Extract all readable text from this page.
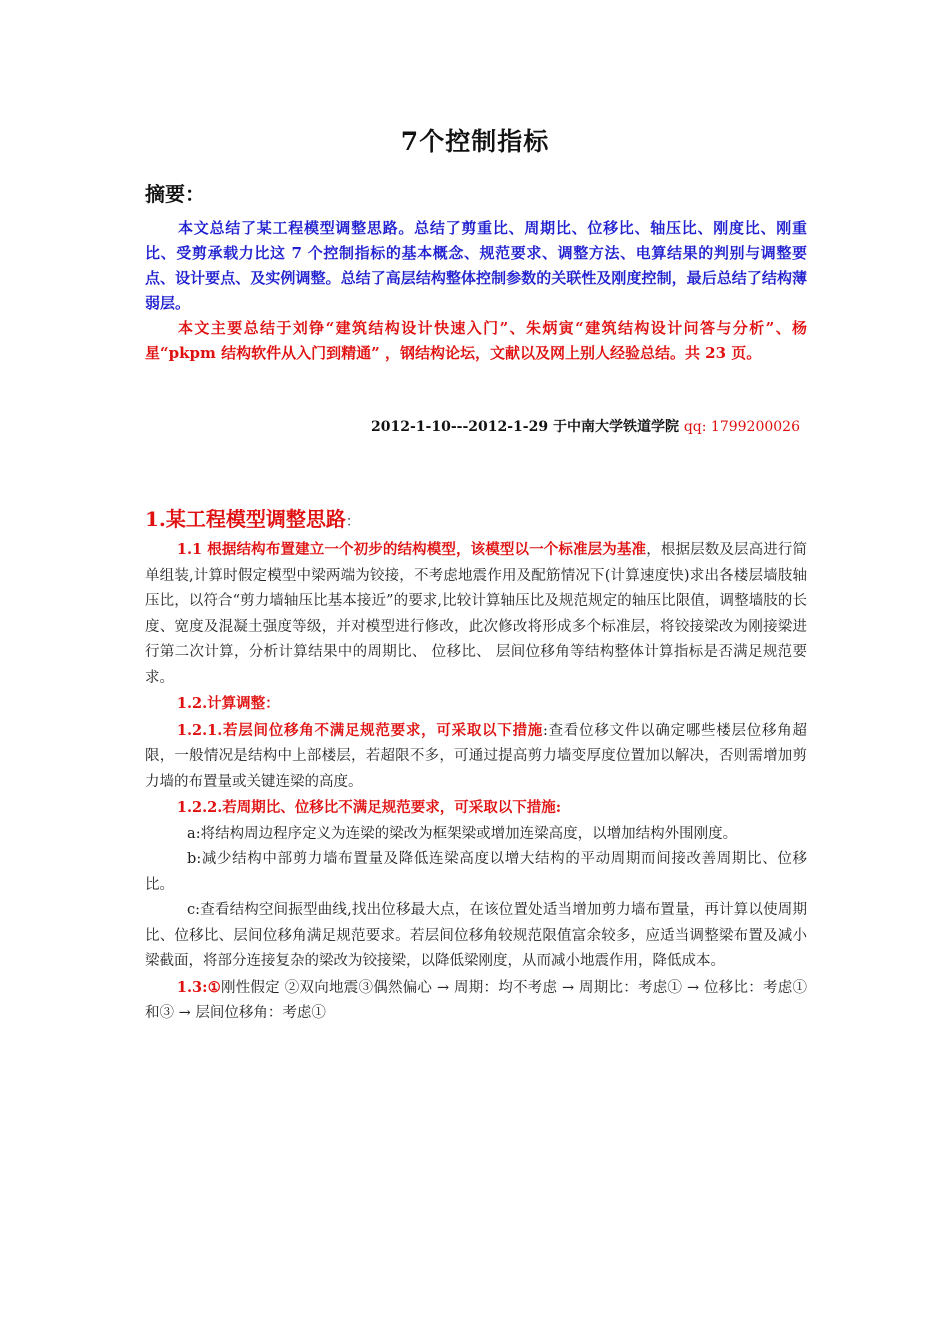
7个控制指标
摘要：

本文总结了某工程模型调整思路。总结了剪重比、周期比、位移比、轴压比、刚度比、刚重比、受剪承载力比这 7 个控制指标的基本概念、规范要求、调整方法、电算结果的判别与调整要点、设计要点、及实例调整。总结了高层结构整体控制参数的关联性及刚度控制，最后总结了结构薄弱层。

本文主要总结于刘铮“建筑结构设计快速入门”、朱炳寅“建筑结构设计问答与分析”、杨星“pkpm 结构软件从入门到精通” ，钢结构论坛，文献以及网上别人经验总结。共 23 页。

2012-1-10---2012-1-29 于中南大学铁道学院 qq: 1799200026
1.某工程模型调整思路：

1.1 根据结构布置建立一个初步的结构模型，该模型以一个标准层为基准，根据层数及层高进行简单组装,计算时假定模型中梁两端为铰接，不考虑地震作用及配筋情况下(计算速度快)求出各楼层墙肢轴压比，以符合“剪力墙轴压比基本接近”的要求,比较计算轴压比及规范规定的轴压比限值，调整墙肢的长度、宽度及混凝土强度等级，并对模型进行修改，此次修改将形成多个标准层，将铰接梁改为刚接梁进行第二次计算，分析计算结果中的周期比、 位移比、 层间位移角等结构整体计算指标是否满足规范要求。

1.2.计算调整：

1.2.1.若层间位移角不满足规范要求，可采取以下措施:查看位移文件以确定哪些楼层位移角超限，一般情况是结构中上部楼层，若超限不多，可通过提高剪力墙变厚度位置加以解决，否则需增加剪力墙的布置量或关键连梁的高度。

1.2.2.若周期比、位移比不满足规范要求，可采取以下措施:

a:将结构周边程序定义为连梁的梁改为框架梁或增加连梁高度，以增加结构外围刚度。

b:减少结构中部剪力墙布置量及降低连梁高度以增大结构的平动周期而间接改善周期比、位移比。

c:查看结构空间振型曲线,找出位移最大点，在该位置处适当增加剪力墙布置量，再计算以使周期比、位移比、层间位移角满足规范要求。若层间位移角较规范限值富余较多，应适当调整梁布置及减小梁截面，将部分连接复杂的梁改为铰接梁，以降低梁刚度，从而减小地震作用，降低成本。

1.3:①刚性假定 ②双向地震③偶然偏心 → 周期：均不考虑 → 周期比：考虑① → 位移比：考虑①和③ → 层间位移角：考虑①
